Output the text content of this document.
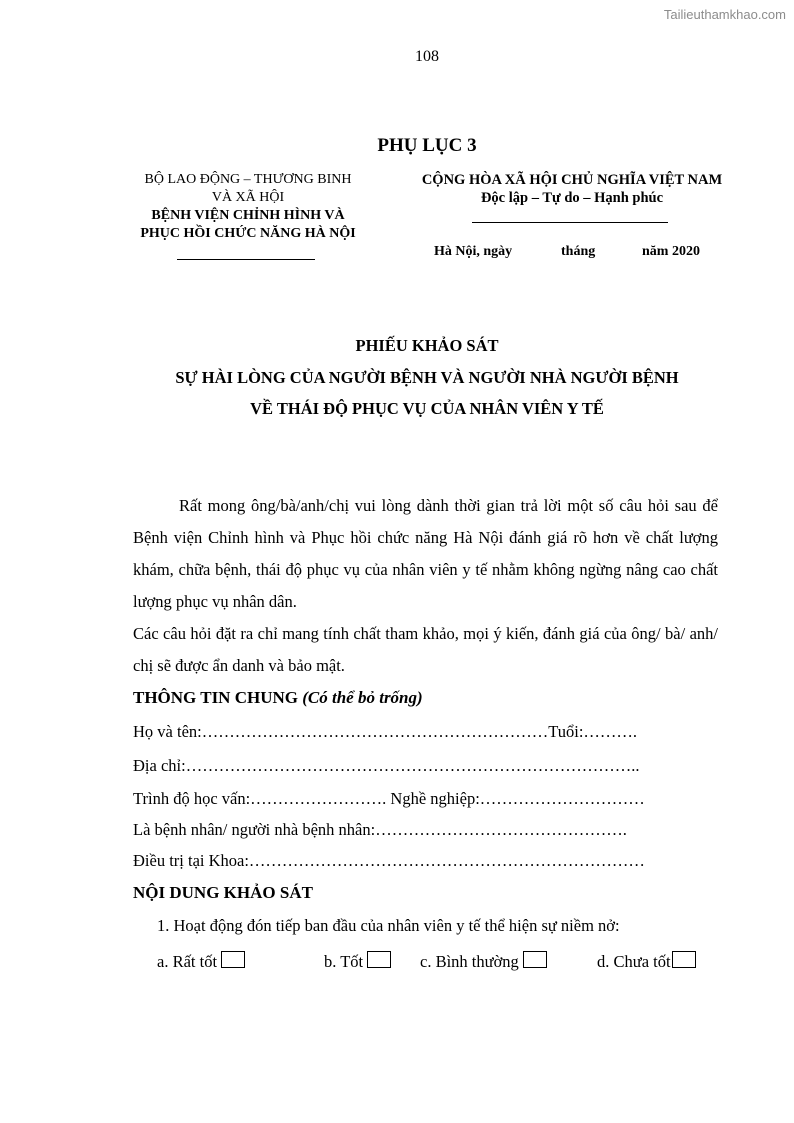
Tailieuthamkhao.com
108
PHỤ LỤC 3
BỘ LAO ĐỘNG – THƯƠNG BINH
VÀ XÃ HỘI
BỆNH VIỆN CHỈNH HÌNH VÀ
PHỤC HỒI CHỨC NĂNG HÀ NỘI
CỘNG HÒA XÃ HỘI CHỦ NGHĨA VIỆT NAM
Độc lập – Tự do – Hạnh phúc
Hà Nội, ngày	tháng	năm 2020
PHIẾU KHẢO SÁT
SỰ HÀI LÒNG CỦA NGƯỜI BỆNH VÀ NGƯỜI NHÀ NGƯỜI BỆNH
VỀ THÁI ĐỘ PHỤC VỤ CỦA NHÂN VIÊN Y TẾ

Rất mong ông/bà/anh/chị vui lòng dành thời gian trả lời một số câu hỏi sau để Bệnh viện Chỉnh hình và Phục hồi chức năng Hà Nội đánh giá rõ hơn về chất lượng khám, chữa bệnh, thái độ phục vụ của nhân viên y tế nhằm không ngừng nâng cao chất lượng phục vụ nhân dân.

Các câu hỏi đặt ra chỉ mang tính chất tham khảo, mọi ý kiến, đánh giá của ông/ bà/ anh/ chị sẽ được ẩn danh và bảo mật.

THÔNG TIN CHUNG (Có thể bỏ trống)
Họ và tên:………………………………………………………Tuổi:……….
Địa chỉ:………………………………………………………………………..
Trình độ học vấn:……………………. Nghề nghiệp:…………………………
Là bệnh nhân/ người nhà bệnh nhân:……………………………………….
Điều trị tại Khoa:………………………………………………………………
NỘI DUNG KHẢO SÁT
1. Hoạt động đón tiếp ban đầu của nhân viên y tế thể hiện sự niềm nở:
a. Rất tốt	b. Tốt	c. Bình thường	d. Chưa tốt
